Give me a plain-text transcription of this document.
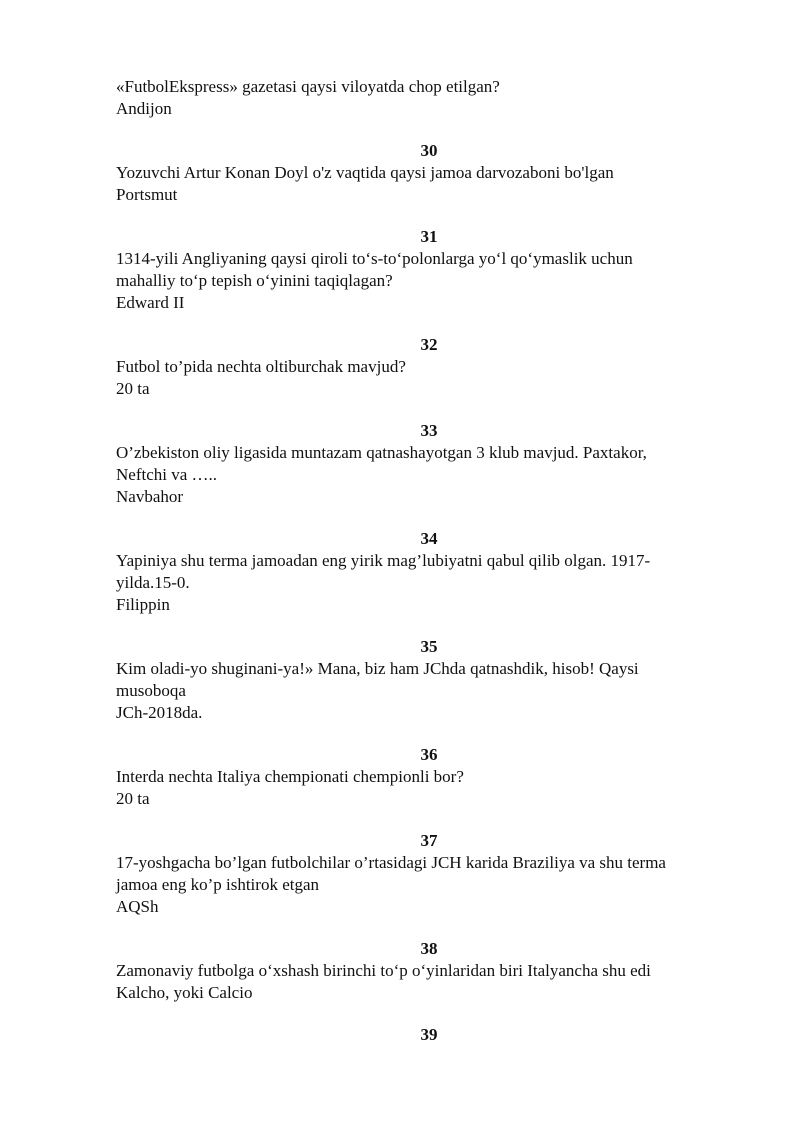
«FutbolEkspress» gazetasi qaysi viloyatda chop etilgan?
Andijon
30
Yozuvchi Artur Konan Doyl o'z vaqtida qaysi jamoa darvozaboni bo'lgan
Portsmut
31
1314-yili Angliyaning qaysi qiroli to‘s-to‘polonlarga yo‘l qo‘ymaslik uchun
mahalliy to‘p tepish o‘yinini taqiqlagan?
Edward II
32
Futbol to’pida nechta oltiburchak mavjud?
20 ta
33
O’zbekiston oliy ligasida muntazam qatnashayotgan 3 klub mavjud. Paxtakor,
Neftchi va …..
Navbahor
34
Yapiniya shu terma jamoadan eng yirik mag’lubiyatni qabul qilib olgan. 1917-
yilda.15-0.
Filippin
35
Kim oladi-yo shuginani-ya!» Mana, biz ham JChda qatnashdik, hisob! Qaysi
musoboqa
JCh-2018da.
36
Interda nechta Italiya chempionati chempionli bor?
20 ta
37
17-yoshgacha bo’lgan futbolchilar o’rtasidagi JCH karida Braziliya va shu terma
jamoa eng ko’p ishtirok etgan
AQSh
38
Zamonaviy futbolga o‘xshash birinchi to‘p o‘yinlaridan biri Italyancha shu edi
Kalcho, yoki Calcio
39
